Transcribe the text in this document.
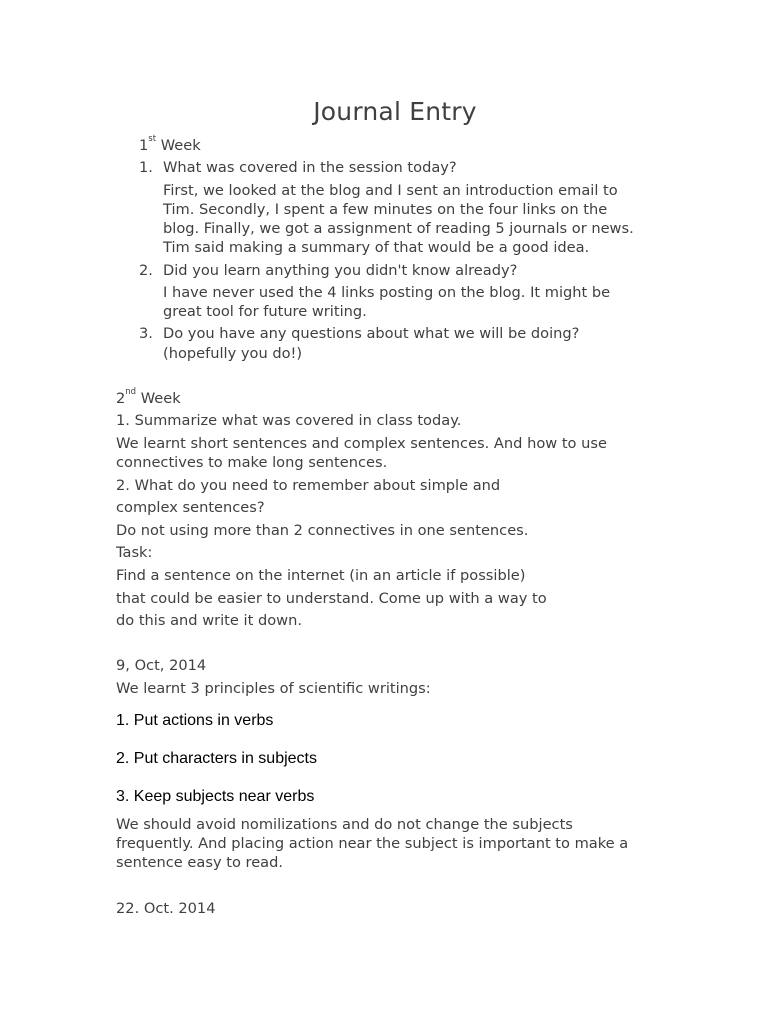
Journal Entry
1st Week
1. What was covered in the session today?
First, we looked at the blog and I sent an introduction email to
Tim. Secondly, I spent a few minutes on the four links on the
blog. Finally, we got a assignment of reading 5 journals or news.
Tim said making a summary of that would be a good idea.
2. Did you learn anything you didn't know already?
I have never used the 4 links posting on the blog. It might be
great tool for future writing.
3. Do you have any questions about what we will be doing?
(hopefully you do!)
2nd Week
1. Summarize what was covered in class today.
We learnt short sentences and complex sentences. And how to use
connectives to make long sentences.
2. What do you need to remember about simple and
complex sentences?
Do not using more than 2 connectives in one sentences.
Task:
Find a sentence on the internet (in an article if possible)
that could be easier to understand. Come up with a way to
do this and write it down.
9, Oct, 2014
We learnt 3 principles of scientific writings:
1. Put actions in verbs
2. Put characters in subjects
3. Keep subjects near verbs
We should avoid nomilizations and do not change the subjects
frequently. And placing action near the subject is important to make a
sentence easy to read.
22. Oct. 2014
